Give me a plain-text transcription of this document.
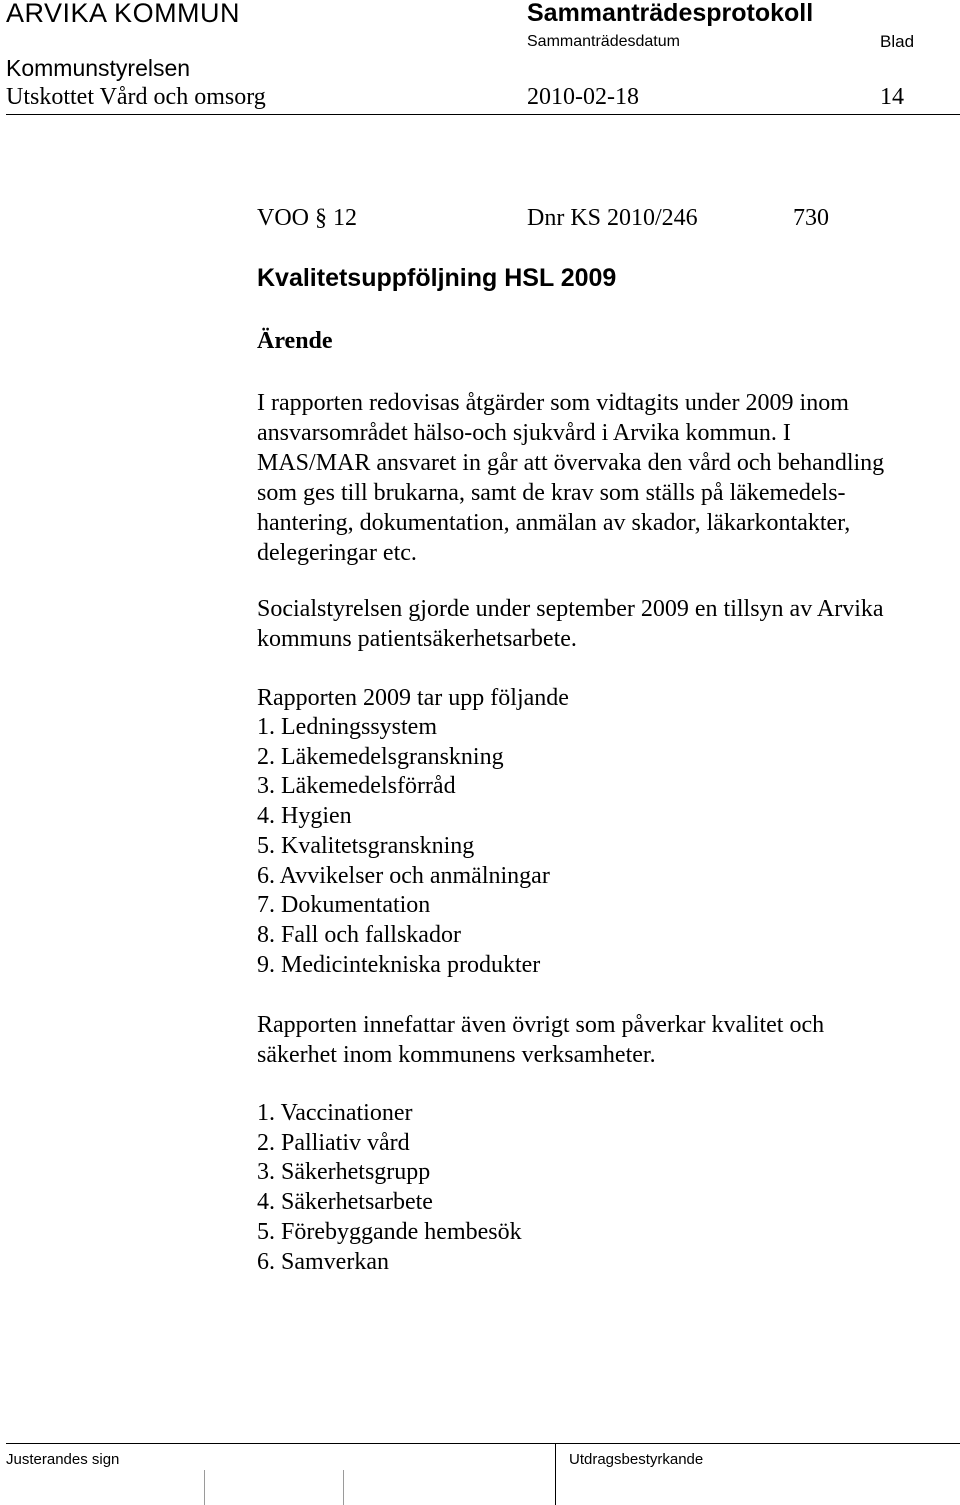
ARVIKA KOMMUN	Sammanträdesprotokoll
Sammanträdesdatum	Blad
Kommunstyrelsen
Utskottet Vård och omsorg	2010-02-18	14
VOO § 12	Dnr KS 2010/246	730
Kvalitetsuppföljning HSL 2009
Ärende
I rapporten redovisas åtgärder som vidtagits under 2009 inom
ansvarsområdet hälso-och sjukvård i Arvika kommun. I
MAS/MAR ansvaret in går att övervaka den vård och behandling
som ges till brukarna, samt de krav som ställs på läkemedels-
hantering, dokumentation, anmälan av skador, läkarkontakter,
delegeringar etc.
Socialstyrelsen gjorde under september 2009 en tillsyn av Arvika
kommuns patientsäkerhetsarbete.
Rapporten 2009 tar upp följande
1. Ledningssystem
2. Läkemedelsgranskning
3. Läkemedelsförråd
4. Hygien
5. Kvalitetsgranskning
6. Avvikelser och anmälningar
7. Dokumentation
8. Fall och fallskador
9. Medicintekniska produkter
Rapporten innefattar även övrigt som påverkar kvalitet och
säkerhet inom kommunens verksamheter.
1. Vaccinationer
2. Palliativ vård
3. Säkerhetsgrupp
4. Säkerhetsarbete
5. Förebyggande hembesök
6. Samverkan
Justerandes sign	Utdragsbestyrkande
